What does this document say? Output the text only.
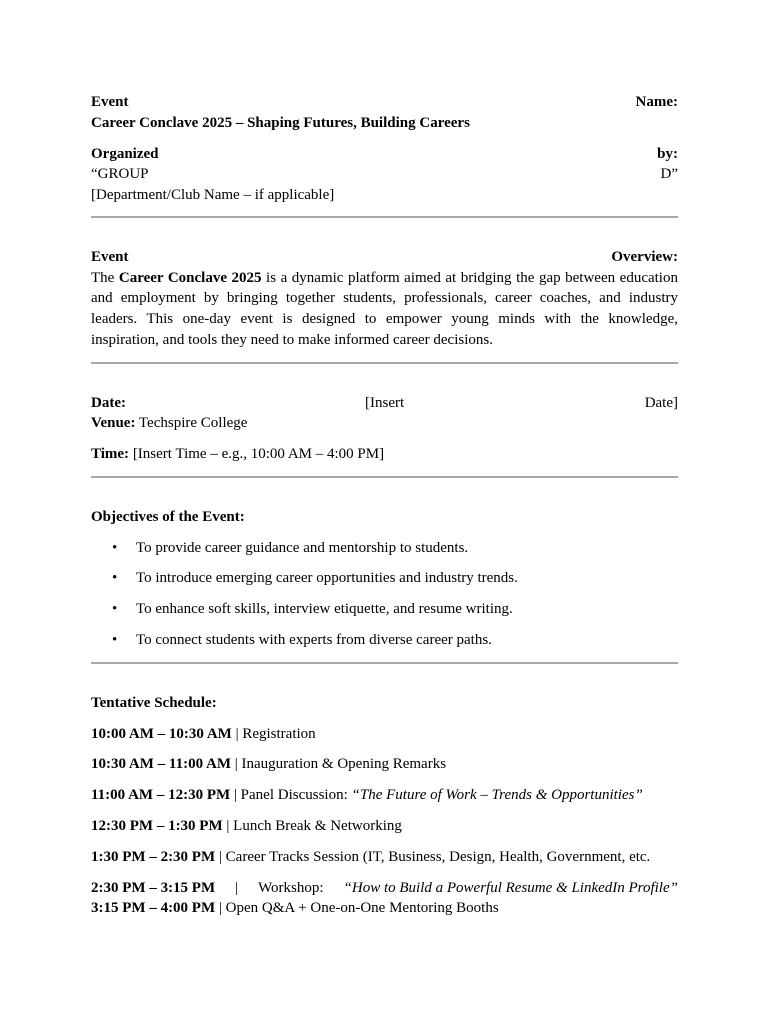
Event	Name:
Career Conclave 2025 – Shaping Futures, Building Careers
Organized	by:
“GROUP	D”
[Department/Club Name – if applicable]
Event	Overview:
The Career Conclave 2025 is a dynamic platform aimed at bridging the gap between education and employment by bringing together students, professionals, career coaches, and industry leaders. This one-day event is designed to empower young minds with the knowledge, inspiration, and tools they need to make informed career decisions.
Date:	[Insert	Date]
Venue: Techspire College
Time: [Insert Time – e.g., 10:00 AM – 4:00 PM]
Objectives of the Event:
• To provide career guidance and mentorship to students.
• To introduce emerging career opportunities and industry trends.
• To enhance soft skills, interview etiquette, and resume writing.
• To connect students with experts from diverse career paths.
Tentative Schedule:
10:00 AM – 10:30 AM | Registration
10:30 AM – 11:00 AM | Inauguration & Opening Remarks
11:00 AM – 12:30 PM | Panel Discussion: “The Future of Work – Trends & Opportunities”
12:30 PM – 1:30 PM | Lunch Break & Networking
1:30 PM – 2:30 PM | Career Tracks Session (IT, Business, Design, Health, Government, etc.
2:30 PM – 3:15 PM | Workshop: “How to Build a Powerful Resume & LinkedIn Profile”
3:15 PM – 4:00 PM | Open Q&A + One-on-One Mentoring Booths
